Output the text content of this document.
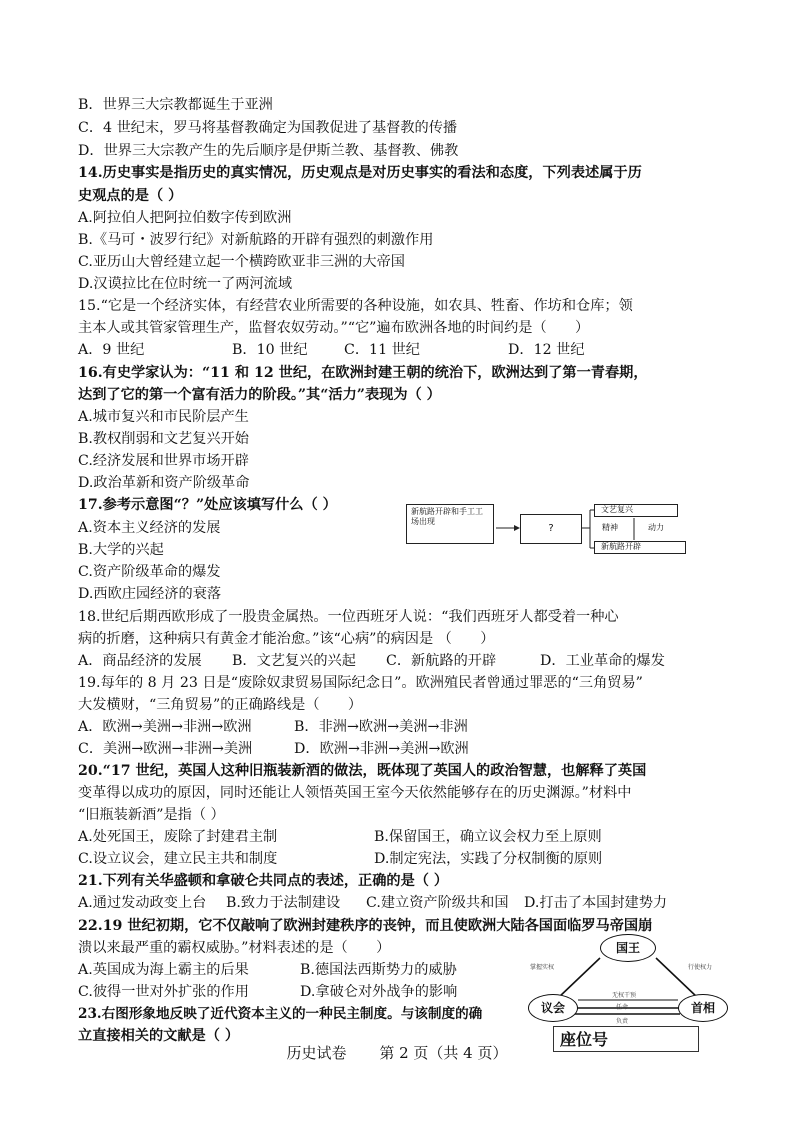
B．世界三大宗教都诞生于亚洲
C．4 世纪末，罗马将基督教确定为国教促进了基督教的传播
D．世界三大宗教产生的先后顺序是伊斯兰教、基督教、佛教
14.历史事实是指历史的真实情况，历史观点是对历史事实的看法和态度，下列表述属于历
史观点的是（ ）
A.阿拉伯人把阿拉伯数字传到欧洲
B.《马可・波罗行纪》对新航路的开辟有强烈的刺激作用
C.亚历山大曾经建立起一个横跨欧亚非三洲的大帝国
D.汉谟拉比在位时统一了两河流域
15.“它是一个经济实体，有经营农业所需要的各种设施，如农具、牲畜、作坊和仓库；领
主本人或其管家管理生产，监督农奴劳动。”“它”遍布欧洲各地的时间约是（　　）
A．9 世纪	B．10 世纪	C．11 世纪	D．12 世纪
16.有史学家认为：“11 和 12 世纪，在欧洲封建王朝的统治下，欧洲达到了第一青春期，
达到了它的第一个富有活力的阶段。”其“活力”表现为（ ）
A.城市复兴和市民阶层产生
B.教权削弱和文艺复兴开始
C.经济发展和世界市场开辟
D.政治革新和资产阶级革命
17.参考示意图“？”处应该填写什么（ ）
A.资本主义经济的发展
B.大学的兴起
C.资产阶级革命的爆发
D.西欧庄园经济的衰落
新航路开辟和手工工场出现
?
文艺复兴
精神	动力
新航路开辟
18.世纪后期西欧形成了一股贵金属热。一位西班牙人说：“我们西班牙人都受着一种心
病的折磨，这种病只有黄金才能治愈。”该“心病”的病因是 （　　）
A．商品经济的发展 B．文艺复兴的兴起 C．新航路的开辟	D．工业革命的爆发
19.每年的 8 月 23 日是“废除奴隶贸易国际纪念日”。欧洲殖民者曾通过罪恶的“三角贸易”
大发横财，“三角贸易”的正确路线是（　　）
A．欧洲→美洲→非洲→欧洲	B．非洲→欧洲→美洲→非洲
C．美洲→欧洲→非洲→美洲	D．欧洲→非洲→美洲→欧洲
20.“17 世纪，英国人这种旧瓶装新酒的做法，既体现了英国人的政治智慧，也解释了英国
变革得以成功的原因，同时还能让人领悟英国王室今天依然能够存在的历史渊源。”材料中
“旧瓶装新酒”是指（ ）
A.处死国王，废除了封建君主制	B.保留国王，确立议会权力至上原则
C.设立议会，建立民主共和制度	D.制定宪法，实践了分权制衡的原则
21.下列有关华盛顿和拿破仑共同点的表述，正确的是（ ）
A.通过发动政变上台 B.致力于法制建设 C.建立资产阶级共和国 D.打击了本国封建势力
22.19 世纪初期，它不仅敲响了欧洲封建秩序的丧钟，而且使欧洲大陆各国面临罗马帝国崩
溃以来最严重的霸权威胁。”材料表述的是（　　）
A.英国成为海上霸主的后果	B.德国法西斯势力的威胁
C.彼得一世对外扩张的作用	D.拿破仑对外战争的影响
23.右图形象地反映了近代资本主义的一种民主制度。与该制度的确
立直接相关的文献是（ ）
国王
议会	首相
掌握实权	行使权力
无权干预
任命
负责
座位号
历史试卷 第 2 页（共 4 页）
